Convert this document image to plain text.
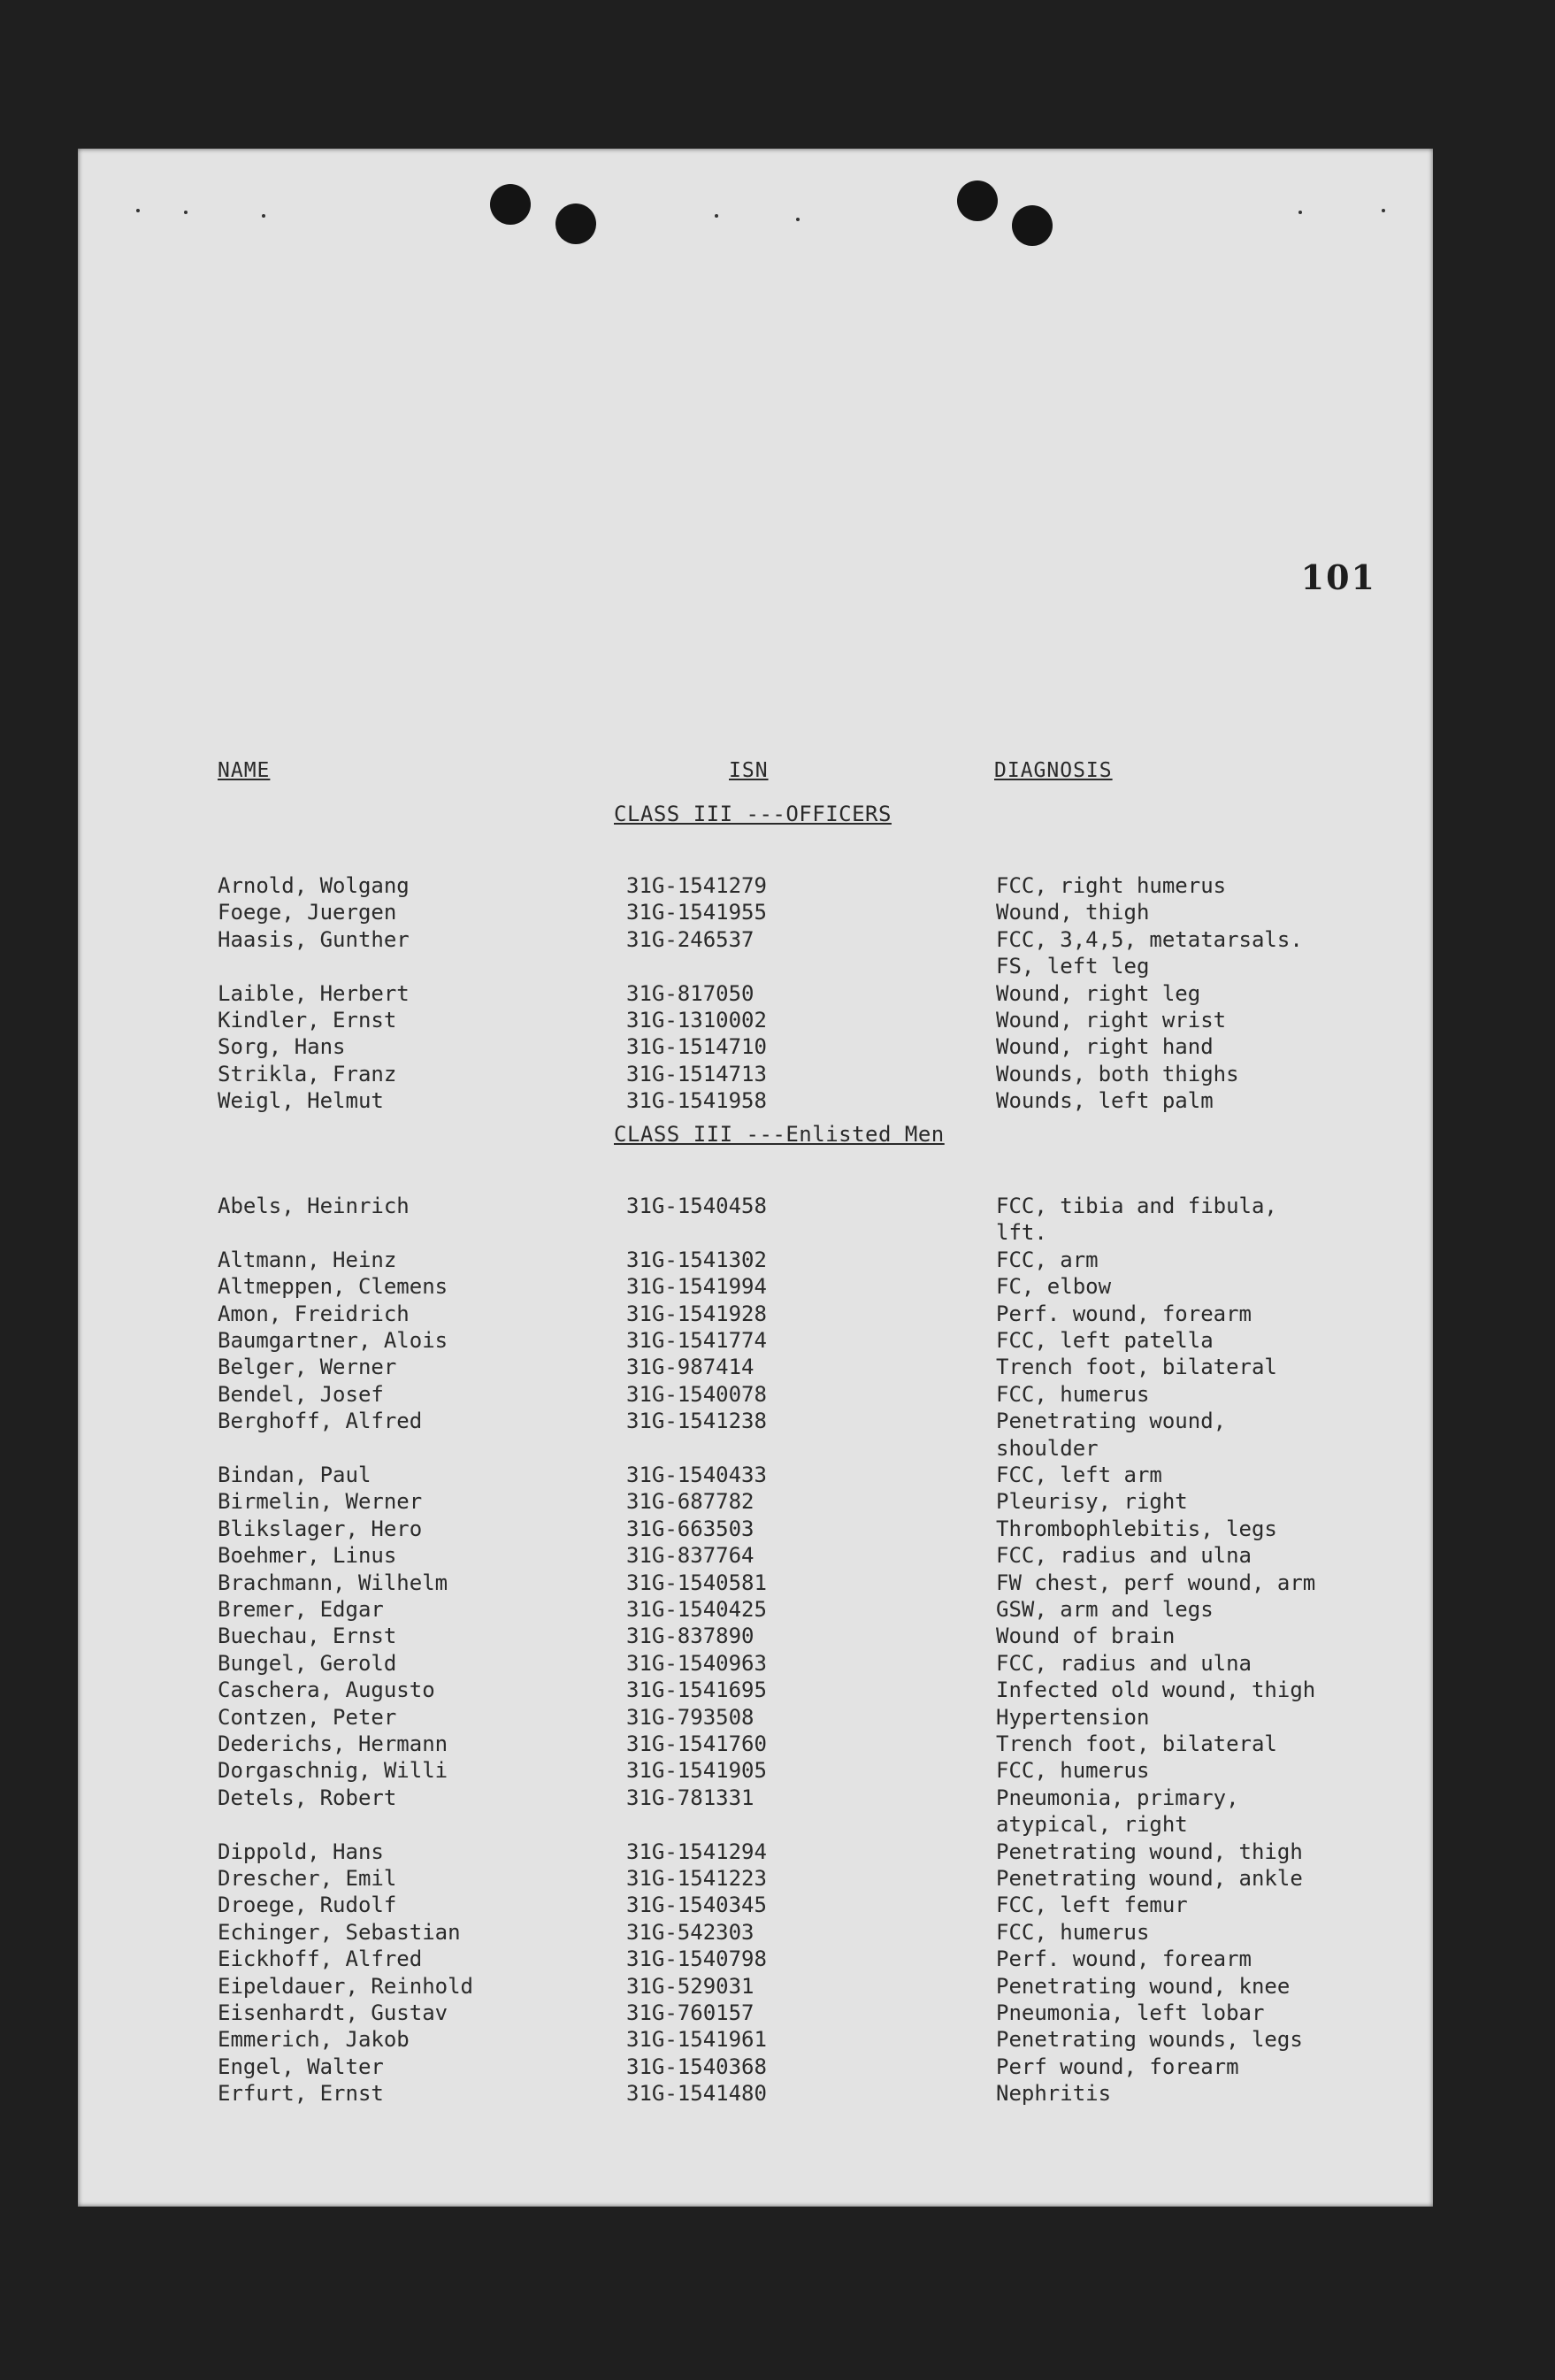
101
NAME	ISN	DIAGNOSIS
CLASS III ---OFFICERS
Arnold, Wolgang	31G-1541279	FCC, right humerus
Foege, Juergen	31G-1541955	Wound, thigh
Haasis, Gunther	31G-246537	FCC, 3,4,5, metatarsals.
FS, left leg
Laible, Herbert	31G-817050	Wound, right leg
Kindler, Ernst	31G-1310002	Wound, right wrist
Sorg, Hans	31G-1514710	Wound, right hand
Strikla, Franz	31G-1514713	Wounds, both thighs
Weigl, Helmut	31G-1541958	Wounds, left palm
CLASS III ---Enlisted Men
Abels, Heinrich	31G-1540458	FCC, tibia and fibula,
lft.
Altmann, Heinz	31G-1541302	FCC, arm
Altmeppen, Clemens	31G-1541994	FC, elbow
Amon, Freidrich	31G-1541928	Perf. wound, forearm
Baumgartner, Alois	31G-1541774	FCC, left patella
Belger, Werner	31G-987414	Trench foot, bilateral
Bendel, Josef	31G-1540078	FCC, humerus
Berghoff, Alfred	31G-1541238	Penetrating wound,
shoulder
Bindan, Paul	31G-1540433	FCC, left arm
Birmelin, Werner	31G-687782	Pleurisy, right
Blikslager, Hero	31G-663503	Thrombophlebitis, legs
Boehmer, Linus	31G-837764	FCC, radius and ulna
Brachmann, Wilhelm	31G-1540581	FW chest, perf wound, arm
Bremer, Edgar	31G-1540425	GSW, arm and legs
Buechau, Ernst	31G-837890	Wound of brain
Bungel, Gerold	31G-1540963	FCC, radius and ulna
Caschera, Augusto	31G-1541695	Infected old wound, thigh
Contzen, Peter	31G-793508	Hypertension
Dederichs, Hermann	31G-1541760	Trench foot, bilateral
Dorgaschnig, Willi	31G-1541905	FCC, humerus
Detels, Robert	31G-781331	Pneumonia, primary,
atypical, right
Dippold, Hans	31G-1541294	Penetrating wound, thigh
Drescher, Emil	31G-1541223	Penetrating wound, ankle
Droege, Rudolf	31G-1540345	FCC, left femur
Echinger, Sebastian	31G-542303	FCC, humerus
Eickhoff, Alfred	31G-1540798	Perf. wound, forearm
Eipeldauer, Reinhold	31G-529031	Penetrating wound, knee
Eisenhardt, Gustav	31G-760157	Pneumonia, left lobar
Emmerich, Jakob	31G-1541961	Penetrating wounds, legs
Engel, Walter	31G-1540368	Perf wound, forearm
Erfurt, Ernst	31G-1541480	Nephritis
